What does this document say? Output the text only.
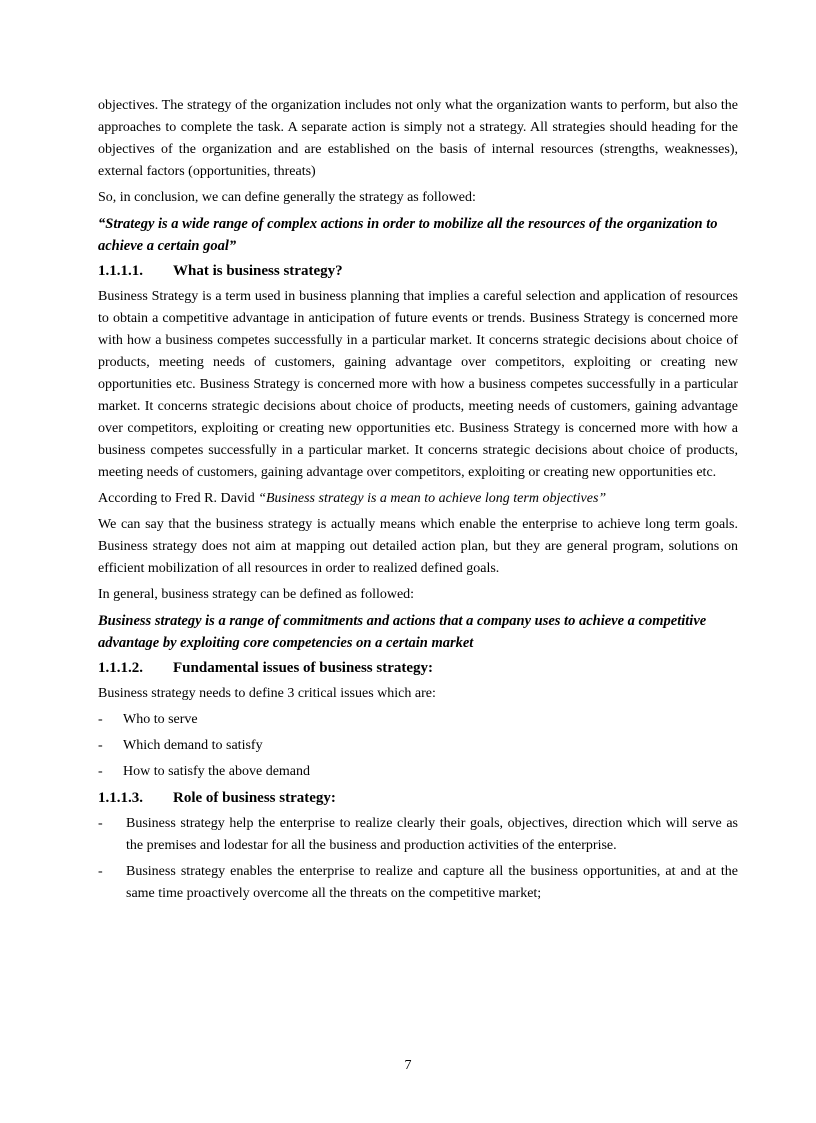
objectives. The strategy of the organization includes not only what the organization wants to perform, but also the approaches to complete the task. A separate action is simply not a strategy. All strategies should heading for the objectives of the organization and are established on the basis of internal resources (strengths, weaknesses), external factors (opportunities, threats)

So, in conclusion, we can define generally the strategy as followed:

“Strategy is a wide range of complex actions in order to mobilize all the resources of the organization to achieve a certain goal”

1.1.1.1. What is business strategy?

Business Strategy is a term used in business planning that implies a careful selection and application of resources to obtain a competitive advantage in anticipation of future events or trends. Business Strategy is concerned more with how a business competes successfully in a particular market. It concerns strategic decisions about choice of products, meeting needs of customers, gaining advantage over competitors, exploiting or creating new opportunities etc. Business Strategy is concerned more with how a business competes successfully in a particular market. It concerns strategic decisions about choice of products, meeting needs of customers, gaining advantage over competitors, exploiting or creating new opportunities etc. Business Strategy is concerned more with how a business competes successfully in a particular market. It concerns strategic decisions about choice of products, meeting needs of customers, gaining advantage over competitors, exploiting or creating new opportunities etc.

According to Fred R. David “Business strategy is a mean to achieve long term objectives”

We can say that the business strategy is actually means which enable the enterprise to achieve long term goals. Business strategy does not aim at mapping out detailed action plan, but they are general program, solutions on efficient mobilization of all resources in order to realized defined goals.

In general, business strategy can be defined as followed:

Business strategy is a range of commitments and actions that a company uses to achieve a competitive advantage by exploiting core competencies on a certain market

1.1.1.2. Fundamental issues of business strategy:

Business strategy needs to define 3 critical issues which are:

- Who to serve
- Which demand to satisfy
- How to satisfy the above demand
1.1.1.3. Role of business strategy:
- Business strategy help the enterprise to realize clearly their goals, objectives, direction which will serve as the premises and lodestar for all the business and production activities of the enterprise.
- Business strategy enables the enterprise to realize and capture all the business opportunities, at and at the same time proactively overcome all the threats on the competitive market;
7
